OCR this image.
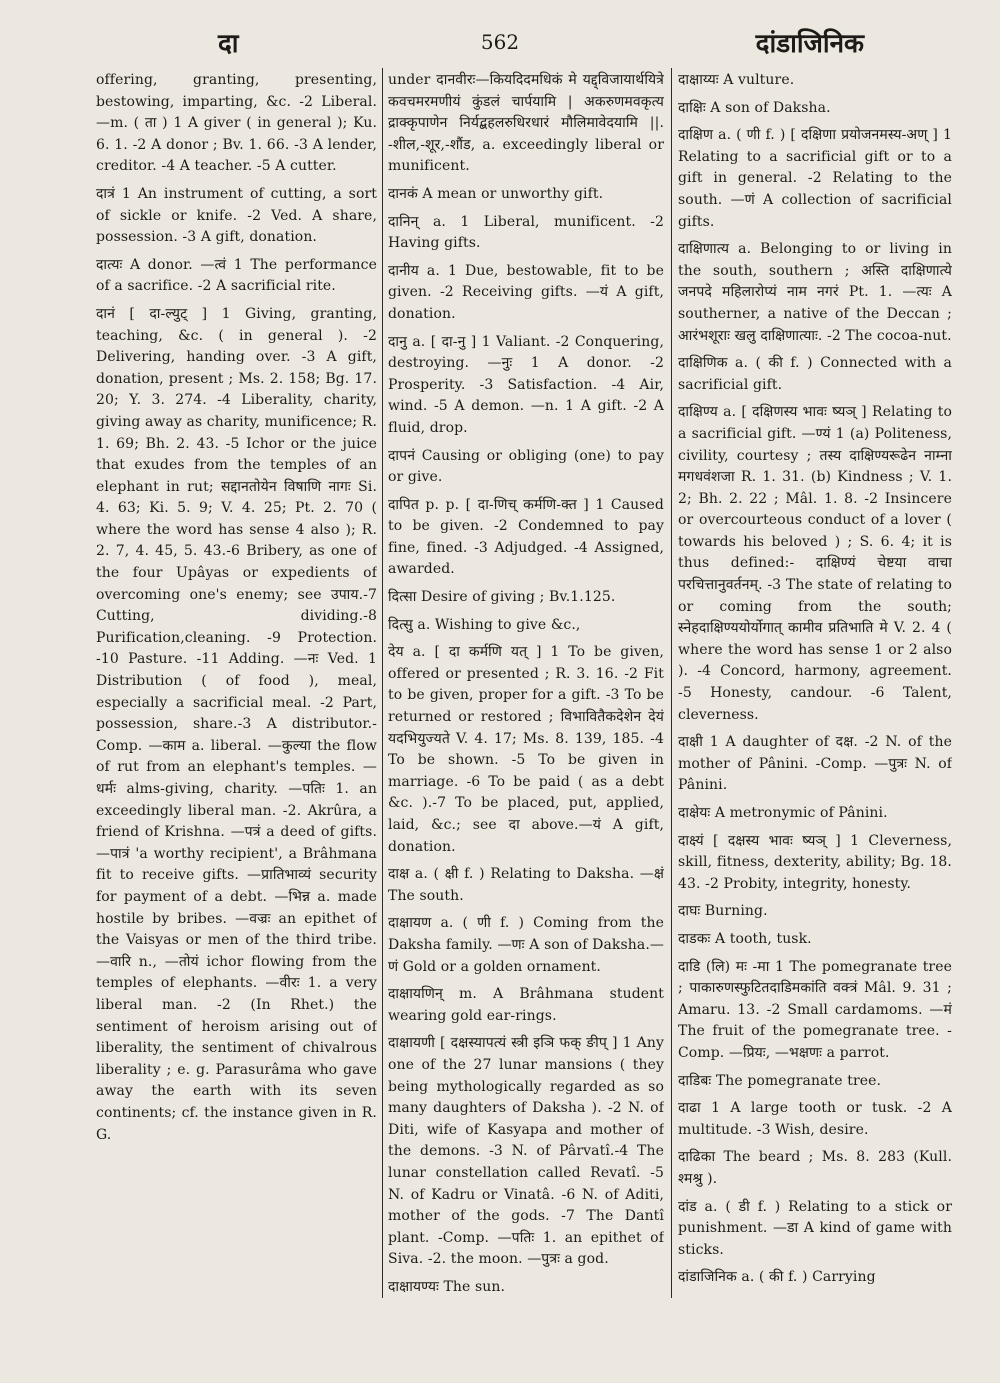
दा	562	दांडाजिनिक

offering, granting, presenting, bestowing, imparting, &c. -2 Liberal. —m. ( ता ) 1 A giver ( in general ); Ku. 6. 1. -2 A donor ; Bv. 1. 66. -3 A lender, creditor. -4 A teacher. -5 A cutter.

दात्रं 1 An instrument of cutting, a sort of sickle or knife. -2 Ved. A share, possession. -3 A gift, donation.

दात्यः A donor. —त्वं 1 The performance of a sacrifice. -2 A sacrificial rite.

दानं [ दा-ल्युट् ] 1 Giving, granting, teaching, &c. ( in general ). -2 Delivering, handing over. -3 A gift, donation, present ; Ms. 2. 158; Bg. 17. 20; Y. 3. 274. -4 Liberality, charity, giving away as charity, munificence; R. 1. 69; Bh. 2. 43. -5 Ichor or the juice that exudes from the temples of an elephant in rut; सद्दानतोयेन विषाणि नागः Si. 4. 63; Ki. 5. 9; V. 4. 25; Pt. 2. 70 ( where the word has sense 4 also ); R. 2. 7, 4. 45, 5. 43.-6 Bribery, as one of the four Upâyas or expedients of overcoming one's enemy; see उपाय.-7 Cutting, dividing.-8 Purification,cleaning. -9 Protection. -10 Pasture. -11 Adding. —नः Ved. 1 Distribution ( of food ), meal, especially a sacrificial meal. -2 Part, possession, share.-3 A distributor.-Comp. —काम a. liberal. —कुल्या the flow of rut from an elephant's temples. —धर्मः alms-giving, charity. —पतिः 1. an exceedingly liberal man. -2. Akrûra, a friend of Krishna. —पत्रं a deed of gifts. —पात्रं 'a worthy recipient', a Brâhmana fit to receive gifts. —प्रातिभाव्यं security for payment of a debt. —भिन्न a. made hostile by bribes. —वज्रः an epithet of the Vaisyas or men of the third tribe. —वारि n., —तोयं ichor flowing from the temples of elephants. —वीरः 1. a very liberal man. -2 (In Rhet.) the sentiment of heroism arising out of liberality, the sentiment of chivalrous liberality ; e. g. Parasurâma who gave away the earth with its seven continents; cf. the instance given in R. G.

under दानवीरः—कियदिदमधिकं मे यद्द्विजायार्थयित्रे कवचमरमणीयं कुंडलं चार्पयामि | अकरुणमवकृत्य द्राक्कृपाणेन निर्यद्बहलरुधिरधारं मौलिमावेदयामि ||. -शील,-शूर,-शौंड, a. exceedingly liberal or munificent.

दानकं A mean or unworthy gift.

दानिन् a. 1 Liberal, munificent. -2 Having gifts.

दानीय a. 1 Due, bestowable, fit to be given. -2 Receiving gifts. —यं A gift, donation.

दानु a. [ दा-नु ] 1 Valiant. -2 Conquering, destroying. —नुः 1 A donor. -2 Prosperity. -3 Satisfaction. -4 Air, wind. -5 A demon. —n. 1 A gift. -2 A fluid, drop.

दापनं Causing or obliging (one) to pay or give.

दापित p. p. [ दा-णिच् कर्मणि-क्त ] 1 Caused to be given. -2 Condemned to pay fine, fined. -3 Adjudged. -4 Assigned, awarded.

दित्सा Desire of giving ; Bv.1.125.

दित्सु a. Wishing to give &c.,

देय a. [ दा कर्मणि यत् ] 1 To be given, offered or presented ; R. 3. 16. -2 Fit to be given, proper for a gift. -3 To be returned or restored ; विभावितैकदेशेन देयं यदभियुज्यते V. 4. 17; Ms. 8. 139, 185. -4 To be shown. -5 To be given in marriage. -6 To be paid ( as a debt &c. ).-7 To be placed, put, applied, laid, &c.; see दा above.—यं A gift, donation.

दाक्ष a. ( क्षी f. ) Relating to Daksha. —क्षं The south.

दाक्षायण a. ( णी f. ) Coming from the Daksha family. —णः A son of Daksha.—णं Gold or a golden ornament.

दाक्षायणिन् m. A Brâhmana student wearing gold ear-rings.

दाक्षायणी [ दक्षस्यापत्यं स्त्री इञि फक् ङीप् ] 1 Any one of the 27 lunar mansions ( they being mythologically regarded as so many daughters of Daksha ). -2 N. of Diti, wife of Kasyapa and mother of the demons. -3 N. of Pârvatî.-4 The lunar constellation called Revatî. -5 N. of Kadru or Vinatâ. -6 N. of Aditi, mother of the gods. -7 The Dantî plant. -Comp. —पतिः 1. an epithet of Siva. -2. the moon. —पुत्रः a god.

दाक्षायण्यः The sun.

दाक्षाय्यः A vulture.

दाक्षिः A son of Daksha.

दाक्षिण a. ( णी f. ) [ दक्षिणा प्रयोजनमस्य-अण् ] 1 Relating to a sacrificial gift or to a gift in general. -2 Relating to the south. —णं A collection of sacrificial gifts.

दाक्षिणात्य a. Belonging to or living in the south, southern ; अस्ति दाक्षिणात्ये जनपदे महिलारोप्यं नाम नगरं Pt. 1. —त्यः A southerner, a native of the Deccan ; आरंभशूराः खलु दाक्षिणात्याः. -2 The cocoa-nut.

दाक्षिणिक a. ( की f. ) Connected with a sacrificial gift.

दाक्षिण्य a. [ दक्षिणस्य भावः ष्यञ् ] Relating to a sacrificial gift. —ण्यं 1 (a) Politeness, civility, courtesy ; तस्य दाक्षिण्यरूढेन नाम्ना मगधवंशजा R. 1. 31. (b) Kindness ; V. 1. 2; Bh. 2. 22 ; Mâl. 1. 8. -2 Insincere or overcourteous conduct of a lover ( towards his beloved ) ; S. 6. 4; it is thus defined:- दाक्षिण्यं चेष्टया वाचा परचित्तानुवर्तनम्. -3 The state of relating to or coming from the south; स्नेहदाक्षिण्ययोर्योगात् कामीव प्रतिभाति मे V. 2. 4 ( where the word has sense 1 or 2 also ). -4 Concord, harmony, agreement. -5 Honesty, candour. -6 Talent, cleverness.

दाक्षी 1 A daughter of दक्ष. -2 N. of the mother of Pânini. -Comp. —पुत्रः N. of Pânini.

दाक्षेयः A metronymic of Pânini.

दाक्ष्यं [ दक्षस्य भावः ष्यञ् ] 1 Cleverness, skill, fitness, dexterity, ability; Bg. 18. 43. -2 Probity, integrity, honesty.

दाघः Burning.

दाडकः A tooth, tusk.

दाडि (लि) मः -मा 1 The pomegranate tree ; पाकारुणस्फुटितदाडिमकांति वक्त्रं Mâl. 9. 31 ; Amaru. 13. -2 Small cardamoms. —मं The fruit of the pomegranate tree. -Comp. —प्रियः, —भक्षणः a parrot.

दाडिबः The pomegranate tree.

दाढा 1 A large tooth or tusk. -2 A multitude. -3 Wish, desire.

दाढिका The beard ; Ms. 8. 283 (Kull. श्मश्रु ).

दांड a. ( डी f. ) Relating to a stick or punishment. —डा A kind of game with sticks.

दांडाजिनिक a. ( की f. ) Carrying
